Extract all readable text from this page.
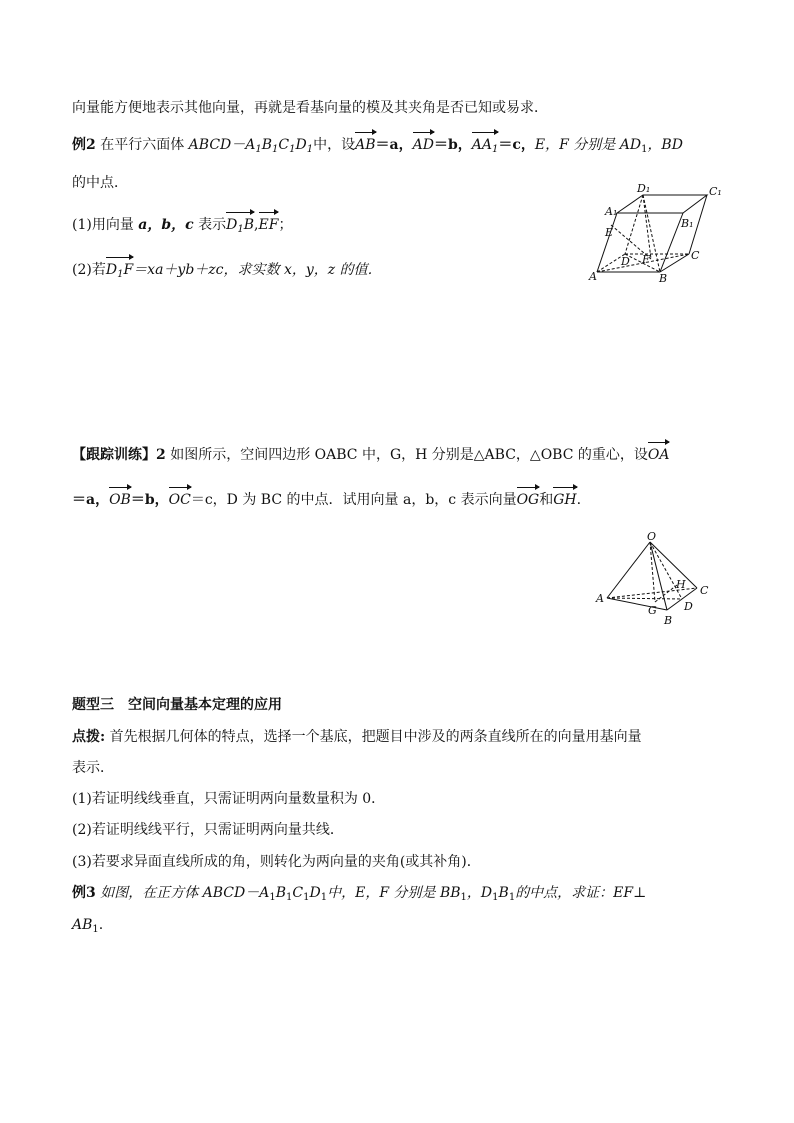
向量能方便地表示其他向量，再就是看基向量的模及其夹角是否已知或易求．
例2 在平行六面体 $ABCD-A_1B_1C_1D_1$中，设AB＝a，AD＝b，$AA_1=c$，E，F 分别是 $AD_1$，BD
的中点．
(1)用向量 a，b，c 表示$D_1B,EF$；
(2)若$D_1F=xa+yb+zc$，求实数 x，y，z 的值．
D₁	C₁
A₁
B₁
E
D F	C
A	B
【跟踪训练】2 如图所示，空间四边形 OABC 中，G，H 分别是△ABC，△OBC 的重心，设OA
＝a，OB＝b，OC＝c，D 为 BC 的中点．试用向量 a，b，c 表示向量OG和GH.
O
H C
A
G D
B
题型三　空间向量基本定理的应用
点拨: 首先根据几何体的特点，选择一个基底，把题目中涉及的两条直线所在的向量用基向量
表示．
(1)若证明线线垂直，只需证明两向量数量积为 0．
(2)若证明线线平行，只需证明两向量共线．
(3)若要求异面直线所成的角，则转化为两向量的夹角(或其补角)．
例3 如图，在正方体 $ABCD-A_1B_1C_1D_1$中，E，F 分别是 $BB_1$，$D_1B_1$的中点，求证：EF⊥
$AB_1$.
